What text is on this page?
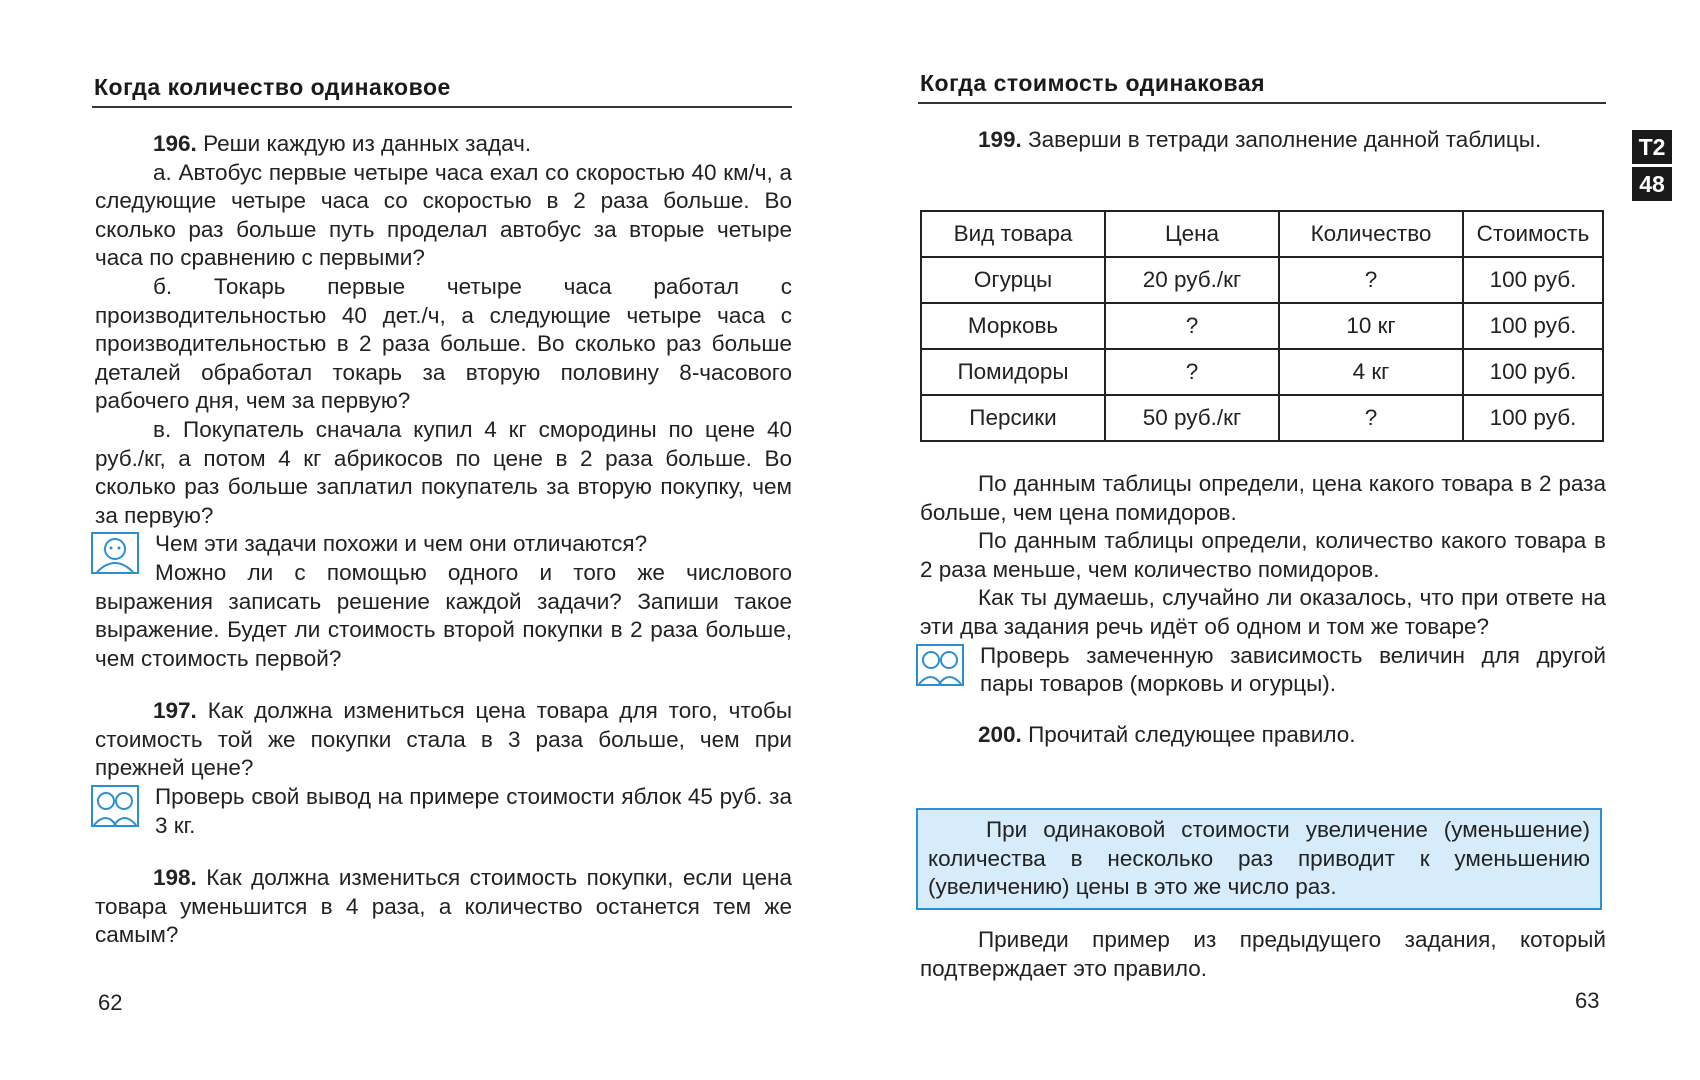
Когда количество одинаковое

196. Реши каждую из данных задач.

а. Автобус первые четыре часа ехал со скоростью 40 км/ч, а следующие четыре часа со скоростью в 2 раза больше. Во сколько раз больше путь проделал автобус за вторые четыре часа по сравнению с первыми?

б. Токарь первые четыре часа работал с производительностью 40 дет./ч, а следующие четыре часа с производительностью в 2 раза больше. Во сколько раз больше деталей обработал токарь за вторую половину 8-часового рабочего дня, чем за первую?

в. Покупатель сначала купил 4 кг смородины по цене 40 руб./кг, а потом 4 кг абрикосов по цене в 2 раза больше. Во сколько раз больше заплатил покупатель за вторую покупку, чем за первую?

Чем эти задачи похожи и чем они отличаются?

Можно ли с помощью одного и того же числового выражения записать решение каждой задачи? Запиши такое выражение. Будет ли стоимость второй покупки в 2 раза больше, чем стоимость первой?

197. Как должна измениться цена товара для того, чтобы стоимость той же покупки стала в 3 раза больше, чем при прежней цене?

Проверь свой вывод на примере стоимости яблок 45 руб. за 3 кг.

198. Как должна измениться стоимость покупки, если цена товара уменьшится в 4 раза, а количество останется тем же самым?

62
Когда стоимость одинаковая

199. Заверши в тетради заполнение данной таблицы.

Вид товара	Цена	Количество	Стоимость
Огурцы	20 руб./кг	?	100 руб.
Морковь	?	10 кг	100 руб.
Помидоры	?	4 кг	100 руб.
Персики	50 руб./кг	?	100 руб.

По данным таблицы определи, цена какого товара в 2 раза больше, чем цена помидоров.

По данным таблицы определи, количество какого товара в 2 раза меньше, чем количество помидоров.

Как ты думаешь, случайно ли оказалось, что при ответе на эти два задания речь идёт об одном и том же товаре?

Проверь замеченную зависимость величин для другой пары товаров (морковь и огурцы).

200. Прочитай следующее правило.

При одинаковой стоимости увеличение (уменьшение) количества в несколько раз приводит к уменьшению (увеличению) цены в это же число раз.

Приведи пример из предыдущего задания, который подтверждает это правило.

63
Т2
48
